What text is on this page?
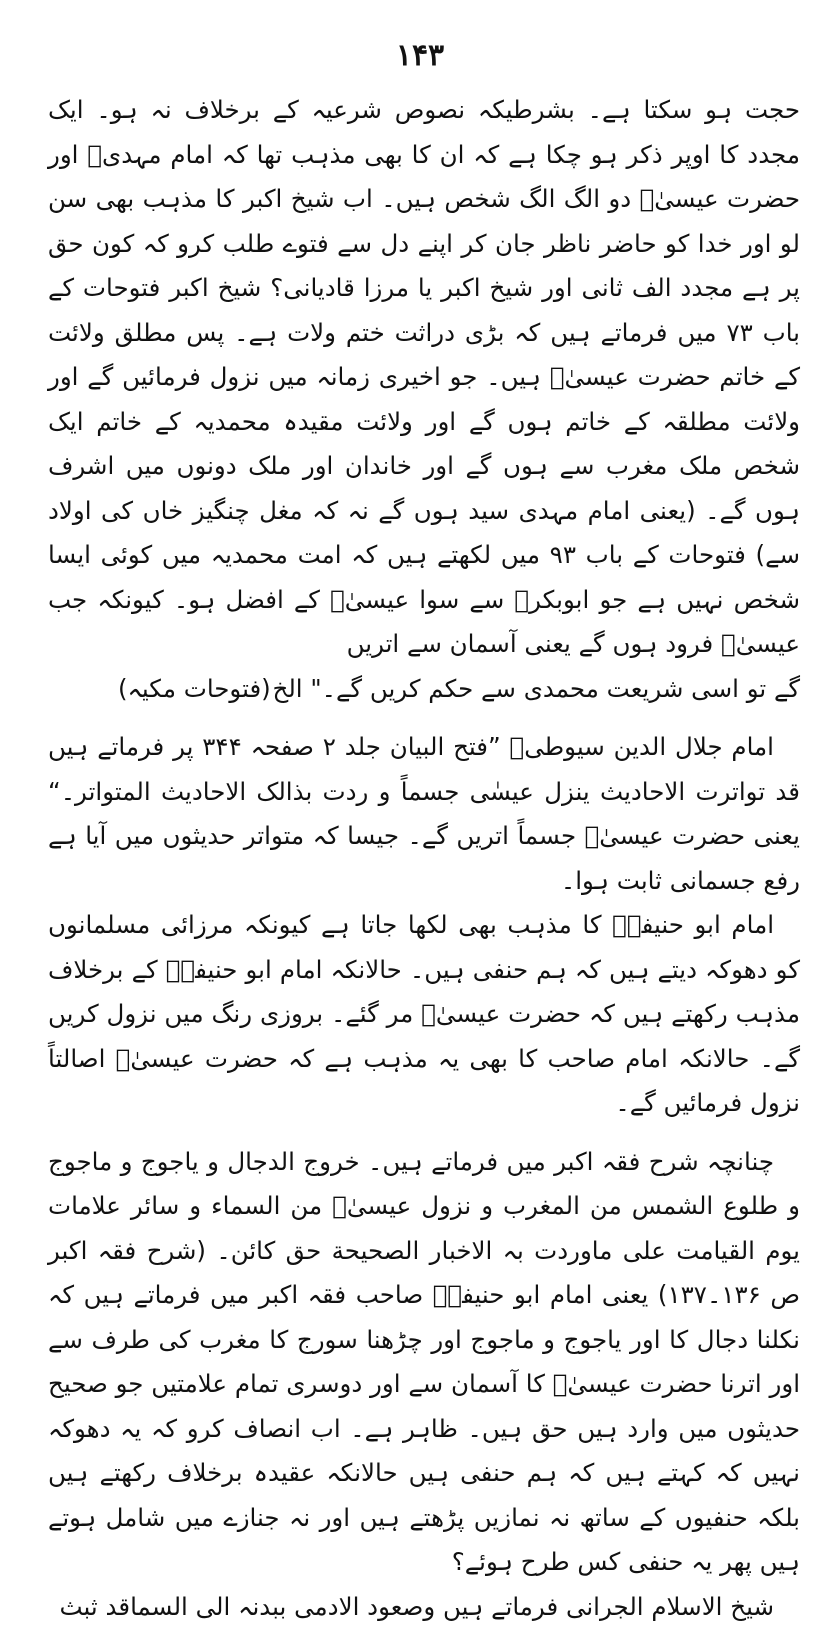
۱۴۳

حجت ہو سکتا ہے۔ بشرطیکہ نصوص شرعیہ کے برخلاف نہ ہو۔ ایک مجدد کا اوپر ذکر ہو چکا ہے کہ ان کا بھی مذہب تھا کہ امام مہدیؒ اور حضرت عیسیٰؑ دو الگ الگ شخص ہیں۔ اب شیخ اکبر کا مذہب بھی سن لو اور خدا کو حاضر ناظر جان کر اپنے دل سے فتوے طلب کرو کہ کون حق پر ہے مجدد الف ثانی اور شیخ اکبر یا مرزا قادیانی؟ شیخ اکبر فتوحات کے باب ۷۳ میں فرماتے ہیں کہ بڑی دراثت ختم ولات ہے۔ پس مطلق ولائت کے خاتم حضرت عیسیٰؑ ہیں۔ جو اخیری زمانہ میں نزول فرمائیں گے اور ولائت مطلقہ کے خاتم ہوں گے اور ولائت مقیدہ محمدیہ کے خاتم ایک شخص ملک مغرب سے ہوں گے اور خاندان اور ملک دونوں میں اشرف ہوں گے۔ (یعنی امام مہدی سید ہوں گے نہ کہ مغل چنگیز خاں کی اولاد سے) فتوحات کے باب ۹۳ میں لکھتے ہیں کہ امت محمدیہ میں کوئی ایسا شخص نہیں ہے جو ابوبکرؓ سے سوا عیسیٰؑ کے افضل ہو۔ کیونکہ جب عیسیٰؑ فرود ہوں گے یعنی آسمان سے اتریں

گے تو اسی شریعت محمدی سے حکم کریں گے۔" الخ
(فتوحات مکیہ)

امام جلال الدین سیوطیؒ ”فتح البیان جلد ۲ صفحہ ۳۴۴ پر فرماتے ہیں قد تواترت الاحادیث ینزل عیسٰی جسماً و ردت بذالک الاحادیث المتواتر۔“ یعنی حضرت عیسیٰؑ جسماً اتریں گے۔ جیسا کہ متواتر حدیثوں میں آیا ہے رفع جسمانی ثابت ہوا۔

امام ابو حنیفہؒ کا مذہب بھی لکھا جاتا ہے کیونکہ مرزائی مسلمانوں کو دھوکہ دیتے ہیں کہ ہم حنفی ہیں۔ حالانکہ امام ابو حنیفہؒ کے برخلاف مذہب رکھتے ہیں کہ حضرت عیسیٰؑ مر گئے۔ بروزی رنگ میں نزول کریں گے۔ حالانکہ امام صاحب کا بھی یہ مذہب ہے کہ حضرت عیسیٰؑ اصالتاً نزول فرمائیں گے۔

چنانچہ شرح فقہ اکبر میں فرماتے ہیں۔ خروج الدجال و یاجوج و ماجوج و طلوع الشمس من المغرب و نزول عیسیٰؑ من السماء و سائر علامات یوم القیامت علی ماوردت بہ الاخبار الصحیحة حق کائن۔ (شرح فقہ اکبر ص ۱۳۶۔۱۳۷) یعنی امام ابو حنیفہؒ صاحب فقہ اکبر میں فرماتے ہیں کہ نکلنا دجال کا اور یاجوج و ماجوج اور چڑھنا سورج کا مغرب کی طرف سے اور اترنا حضرت عیسیٰؑ کا آسمان سے اور دوسری تمام علامتیں جو صحیح حدیثوں میں وارد ہیں حق ہیں۔ ظاہر ہے۔ اب انصاف کرو کہ یہ دھوکہ نہیں کہ کہتے ہیں کہ ہم حنفی ہیں حالانکہ عقیدہ برخلاف رکھتے ہیں بلکہ حنفیوں کے ساتھ نہ نمازیں پڑھتے ہیں اور نہ جنازے میں شامل ہوتے ہیں پھر یہ حنفی کس طرح ہوئے؟

شیخ الاسلام الجرانی فرماتے ہیں وصعود الادمی ببدنہ الی السماقد ثبث
